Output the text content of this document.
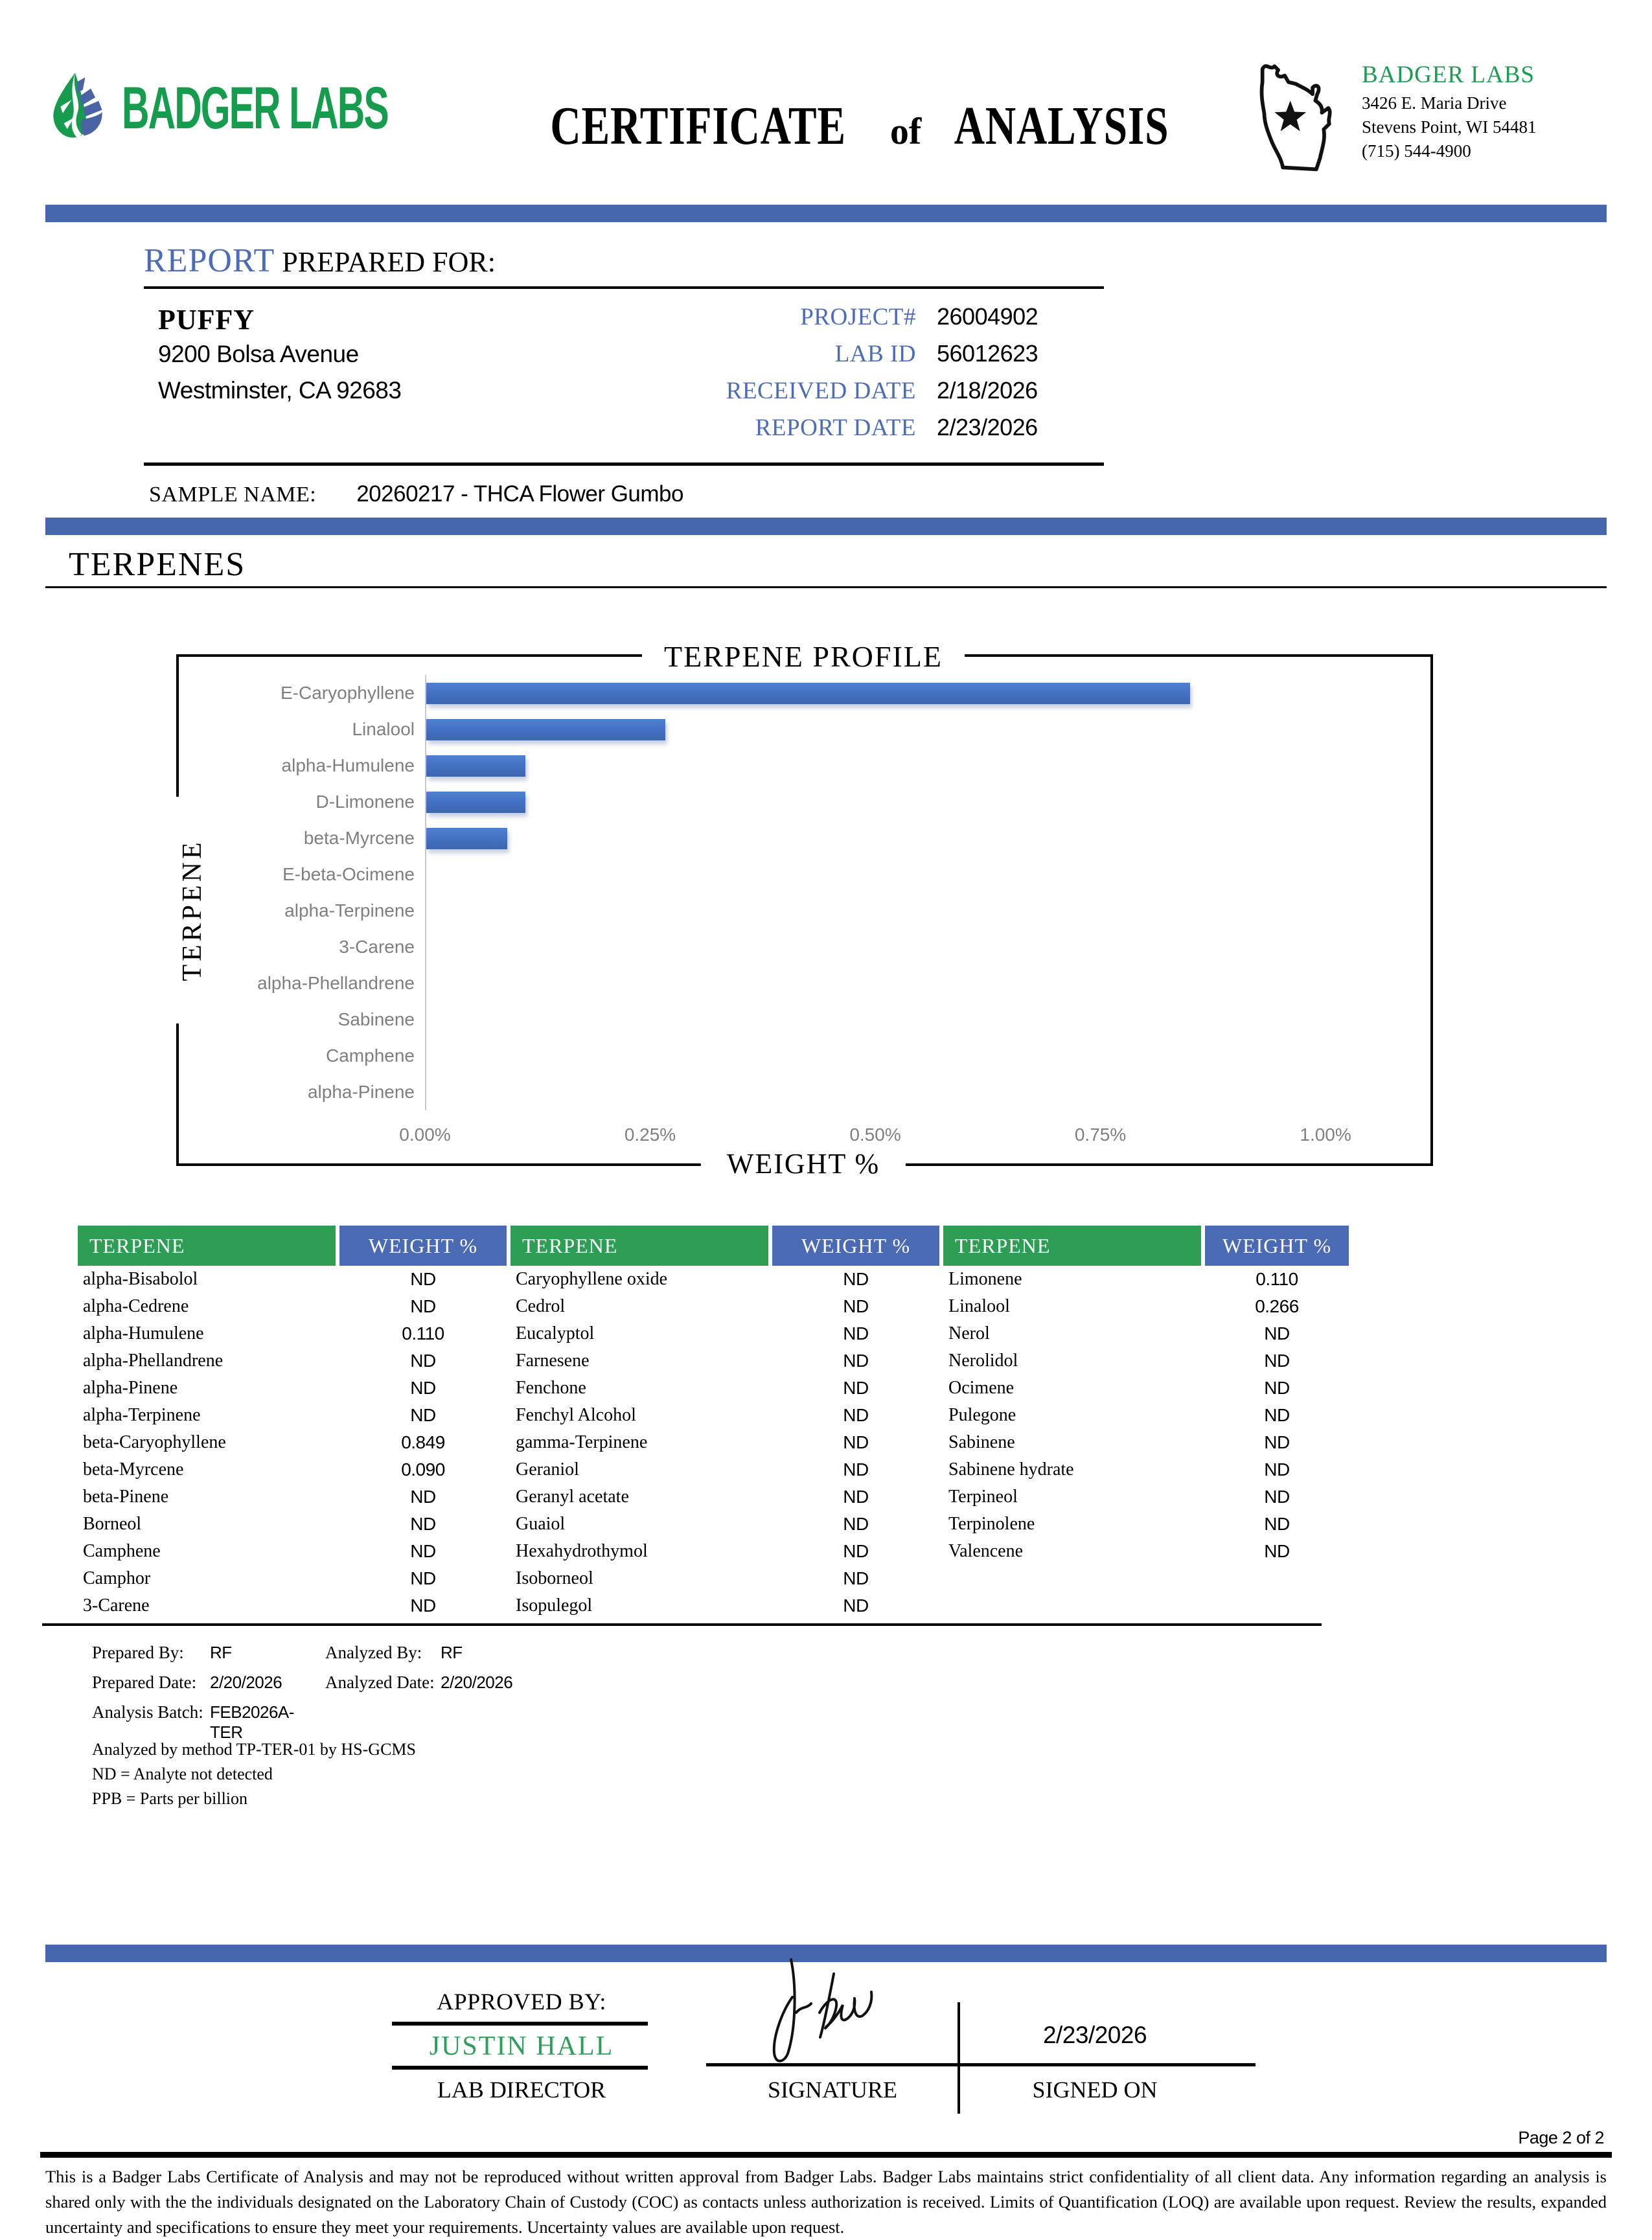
BADGER LABS	CERTIFICATE of ANALYSIS
BADGER LABS
3426 E. Maria Drive
Stevens Point, WI 54481
(715) 544-4900
REPORT PREPARED FOR:
PUFFY
9200 Bolsa Avenue
Westminster, CA 92683
PROJECT# 26004902
LAB ID 56012623
RECEIVED DATE 2/18/2026
REPORT DATE 2/23/2026
SAMPLE NAME: 20260217 - THCA Flower Gumbo
TERPENES
TERPENE PROFILE
WEIGHT %
TERPENE
E-Caryophyllene
Linalool
alpha-Humulene
D-Limonene
beta-Myrcene
E-beta-Ocimene
alpha-Terpinene
3-Carene
alpha-Phellandrene
Sabinene
Camphene
alpha-Pinene
0.00%	0.25%	0.50%	0.75%	1.00%
TERPENE	WEIGHT %	TERPENE	WEIGHT %	TERPENE	WEIGHT %
alpha-Bisabolol	ND	Caryophyllene oxide	ND	Limonene	0.110
alpha-Cedrene	ND	Cedrol	ND	Linalool	0.266
alpha-Humulene	0.110	Eucalyptol	ND	Nerol	ND
alpha-Phellandrene	ND	Farnesene	ND	Nerolidol	ND
alpha-Pinene	ND	Fenchone	ND	Ocimene	ND
alpha-Terpinene	ND	Fenchyl Alcohol	ND	Pulegone	ND
beta-Caryophyllene	0.849	gamma-Terpinene	ND	Sabinene	ND
beta-Myrcene	0.090	Geraniol	ND	Sabinene hydrate	ND
beta-Pinene	ND	Geranyl acetate	ND	Terpineol	ND
Borneol	ND	Guaiol	ND	Terpinolene	ND
Camphene	ND	Hexahydrothymol	ND	Valencene	ND
Camphor	ND	Isoborneol	ND
3-Carene	ND	Isopulegol	ND
Prepared By:	RF	Analyzed By:	RF
Prepared Date: 2/20/2026	Analyzed Date: 2/20/2026
Analysis Batch: FEB2026A-TER
Analyzed by method TP-TER-01 by HS-GCMS
ND = Analyte not detected
PPB = Parts per billion
APPROVED BY:
JUSTIN HALL
LAB DIRECTOR
2/23/2026
SIGNATURE	SIGNED ON
Page 2 of 2

This is a Badger Labs Certificate of Analysis and may not be reproduced without written approval from Badger Labs. Badger Labs maintains strict confidentiality of all client data. Any information regarding an analysis is shared only with the the individuals designated on the Laboratory Chain of Custody (COC) as contacts unless authorization is received. Limits of Quantification (LOQ) are available upon request. Review the results, expanded uncertainty and specifications to ensure they meet your requirements. Uncertainty values are available upon request.
